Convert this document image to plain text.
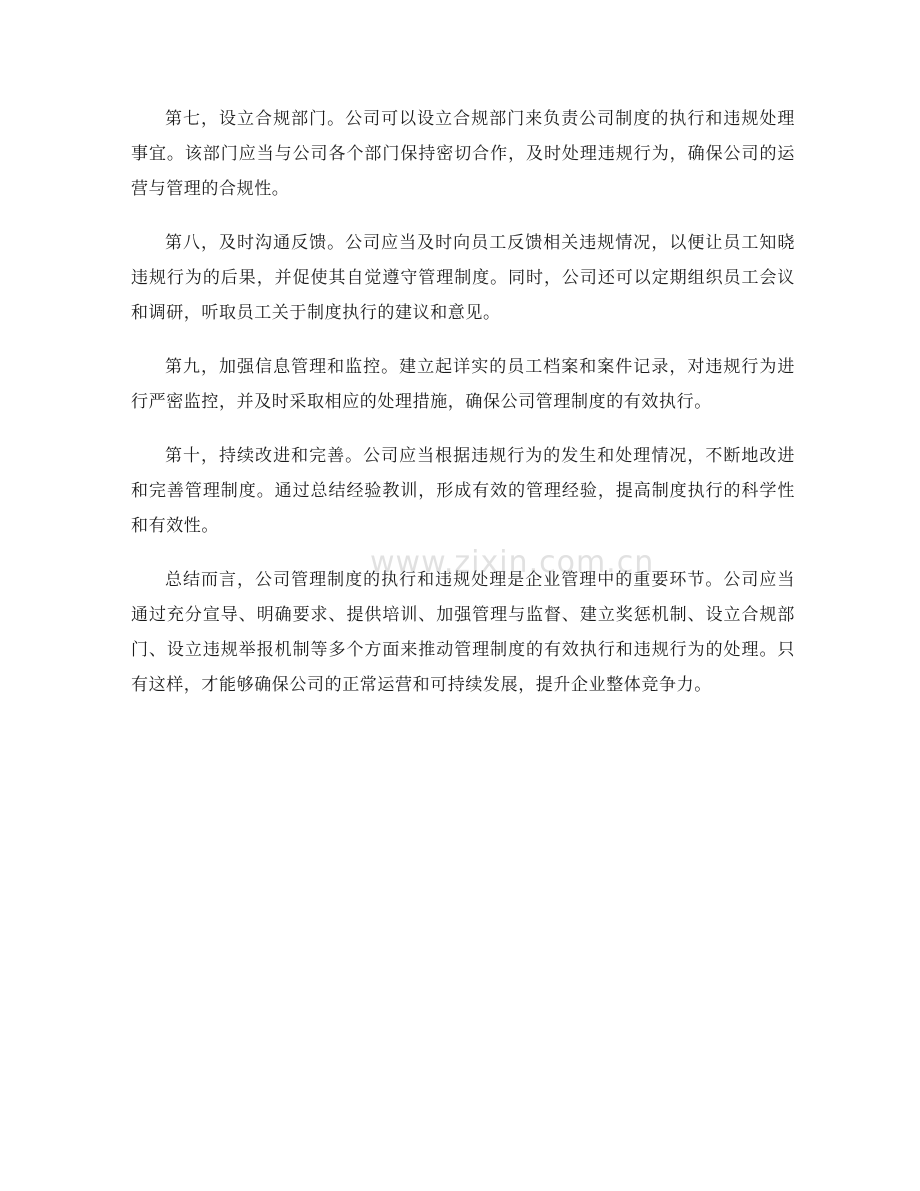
第七，设立合规部门。公司可以设立合规部门来负责公司制度的执行和违规处理事宜。该部门应当与公司各个部门保持密切合作，及时处理违规行为，确保公司的运营与管理的合规性。

第八，及时沟通反馈。公司应当及时向员工反馈相关违规情况，以便让员工知晓违规行为的后果，并促使其自觉遵守管理制度。同时，公司还可以定期组织员工会议和调研，听取员工关于制度执行的建议和意见。

第九，加强信息管理和监控。建立起详实的员工档案和案件记录，对违规行为进行严密监控，并及时采取相应的处理措施，确保公司管理制度的有效执行。

第十，持续改进和完善。公司应当根据违规行为的发生和处理情况，不断地改进和完善管理制度。通过总结经验教训，形成有效的管理经验，提高制度执行的科学性和有效性。

总结而言，公司管理制度的执行和违规处理是企业管理中的重要环节。公司应当通过充分宣导、明确要求、提供培训、加强管理与监督、建立奖惩机制、设立合规部门、设立违规举报机制等多个方面来推动管理制度的有效执行和违规行为的处理。只有这样，才能够确保公司的正常运营和可持续发展，提升企业整体竞争力。

www.zixin.com.cn
